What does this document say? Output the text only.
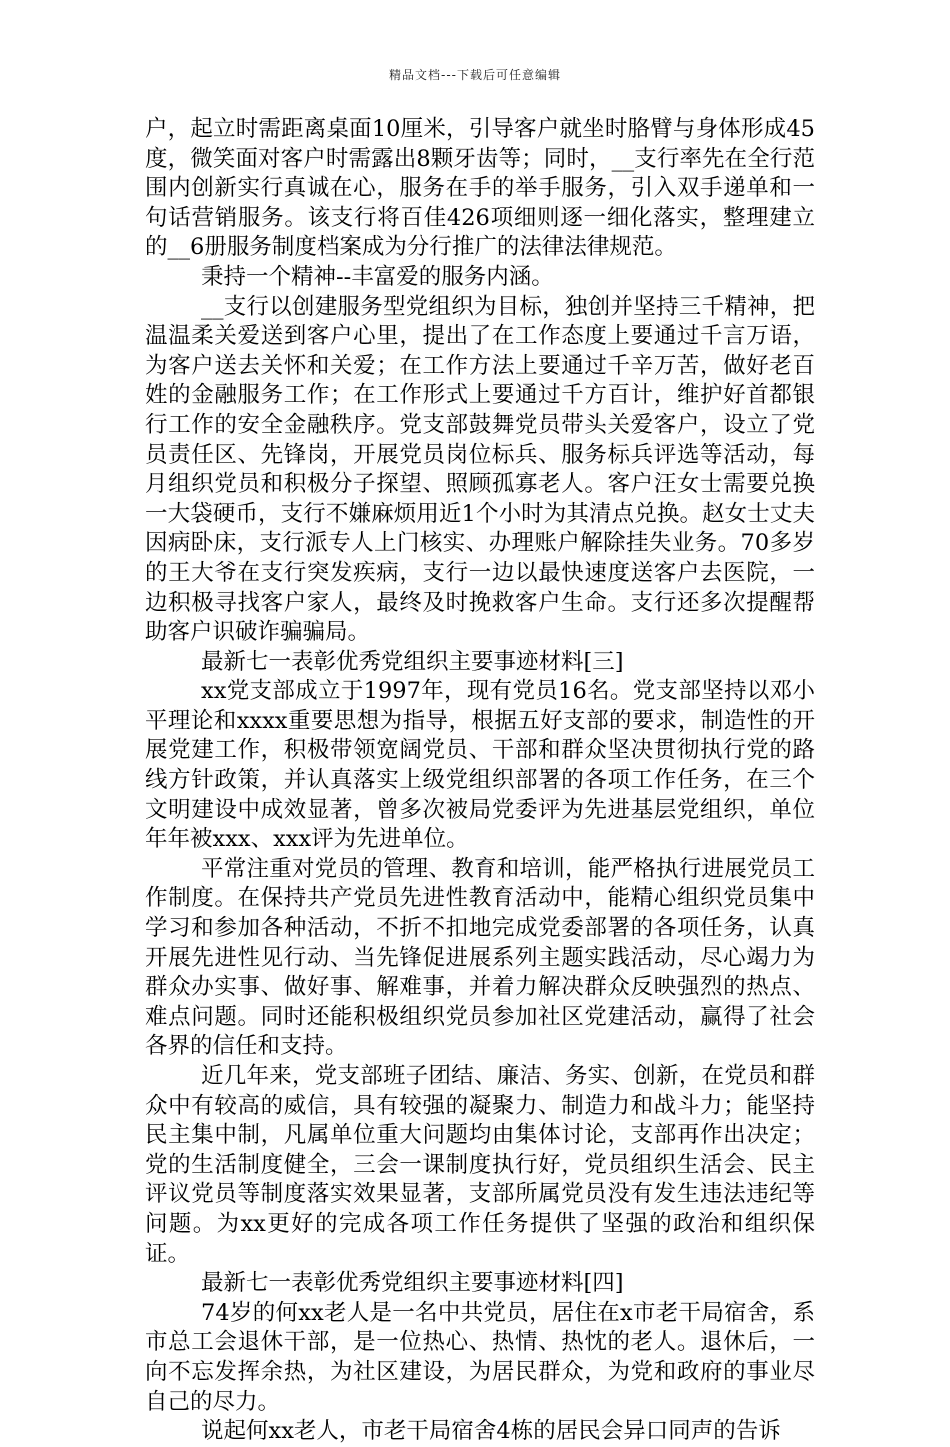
精品文档---下载后可任意编辑

户，起立时需距离桌面10厘米，引导客户就坐时胳臂与身体形成45度，微笑面对客户时需露出8颗牙齿等；同时，__支行率先在全行范围内创新实行真诚在心，服务在手的举手服务，引入双手递单和一句话营销服务。该支行将百佳426项细则逐一细化落实，整理建立的__6册服务制度档案成为分行推广的法律法律规范。

秉持一个精神--丰富爱的服务内涵。

__支行以创建服务型党组织为目标，独创并坚持三千精神，把温温柔关爱送到客户心里，提出了在工作态度上要通过千言万语，为客户送去关怀和关爱；在工作方法上要通过千辛万苦，做好老百姓的金融服务工作；在工作形式上要通过千方百计，维护好首都银行工作的安全金融秩序。党支部鼓舞党员带头关爱客户，设立了党员责任区、先锋岗，开展党员岗位标兵、服务标兵评选等活动，每月组织党员和积极分子探望、照顾孤寡老人。客户汪女士需要兑换一大袋硬币，支行不嫌麻烦用近1个小时为其清点兑换。赵女士丈夫因病卧床，支行派专人上门核实、办理账户解除挂失业务。70多岁的王大爷在支行突发疾病，支行一边以最快速度送客户去医院，一边积极寻找客户家人，最终及时挽救客户生命。支行还多次提醒帮助客户识破诈骗骗局。

最新七一表彰优秀党组织主要事迹材料[三]

xx党支部成立于1997年，现有党员16名。党支部坚持以邓小平理论和xxxx重要思想为指导，根据五好支部的要求，制造性的开展党建工作，积极带领宽阔党员、干部和群众坚决贯彻执行党的路线方针政策，并认真落实上级党组织部署的各项工作任务，在三个文明建设中成效显著，曾多次被局党委评为先进基层党组织，单位年年被xxx、xxx评为先进单位。

平常注重对党员的管理、教育和培训，能严格执行进展党员工作制度。在保持共产党员先进性教育活动中，能精心组织党员集中学习和参加各种活动，不折不扣地完成党委部署的各项任务，认真开展先进性见行动、当先锋促进展系列主题实践活动，尽心竭力为群众办实事、做好事、解难事，并着力解决群众反映强烈的热点、难点问题。同时还能积极组织党员参加社区党建活动，赢得了社会各界的信任和支持。

近几年来，党支部班子团结、廉洁、务实、创新，在党员和群众中有较高的威信，具有较强的凝聚力、制造力和战斗力；能坚持民主集中制，凡属单位重大问题均由集体讨论，支部再作出决定；党的生活制度健全，三会一课制度执行好，党员组织生活会、民主评议党员等制度落实效果显著，支部所属党员没有发生违法违纪等问题。为xx更好的完成各项工作任务提供了坚强的政治和组织保证。

最新七一表彰优秀党组织主要事迹材料[四]

74岁的何xx老人是一名中共党员，居住在x市老干局宿舍，系市总工会退休干部，是一位热心、热情、热忱的老人。退休后，一向不忘发挥余热，为社区建设，为居民群众，为党和政府的事业尽自己的尽力。

说起何xx老人，市老干局宿舍4栋的居民会异口同声的告诉
